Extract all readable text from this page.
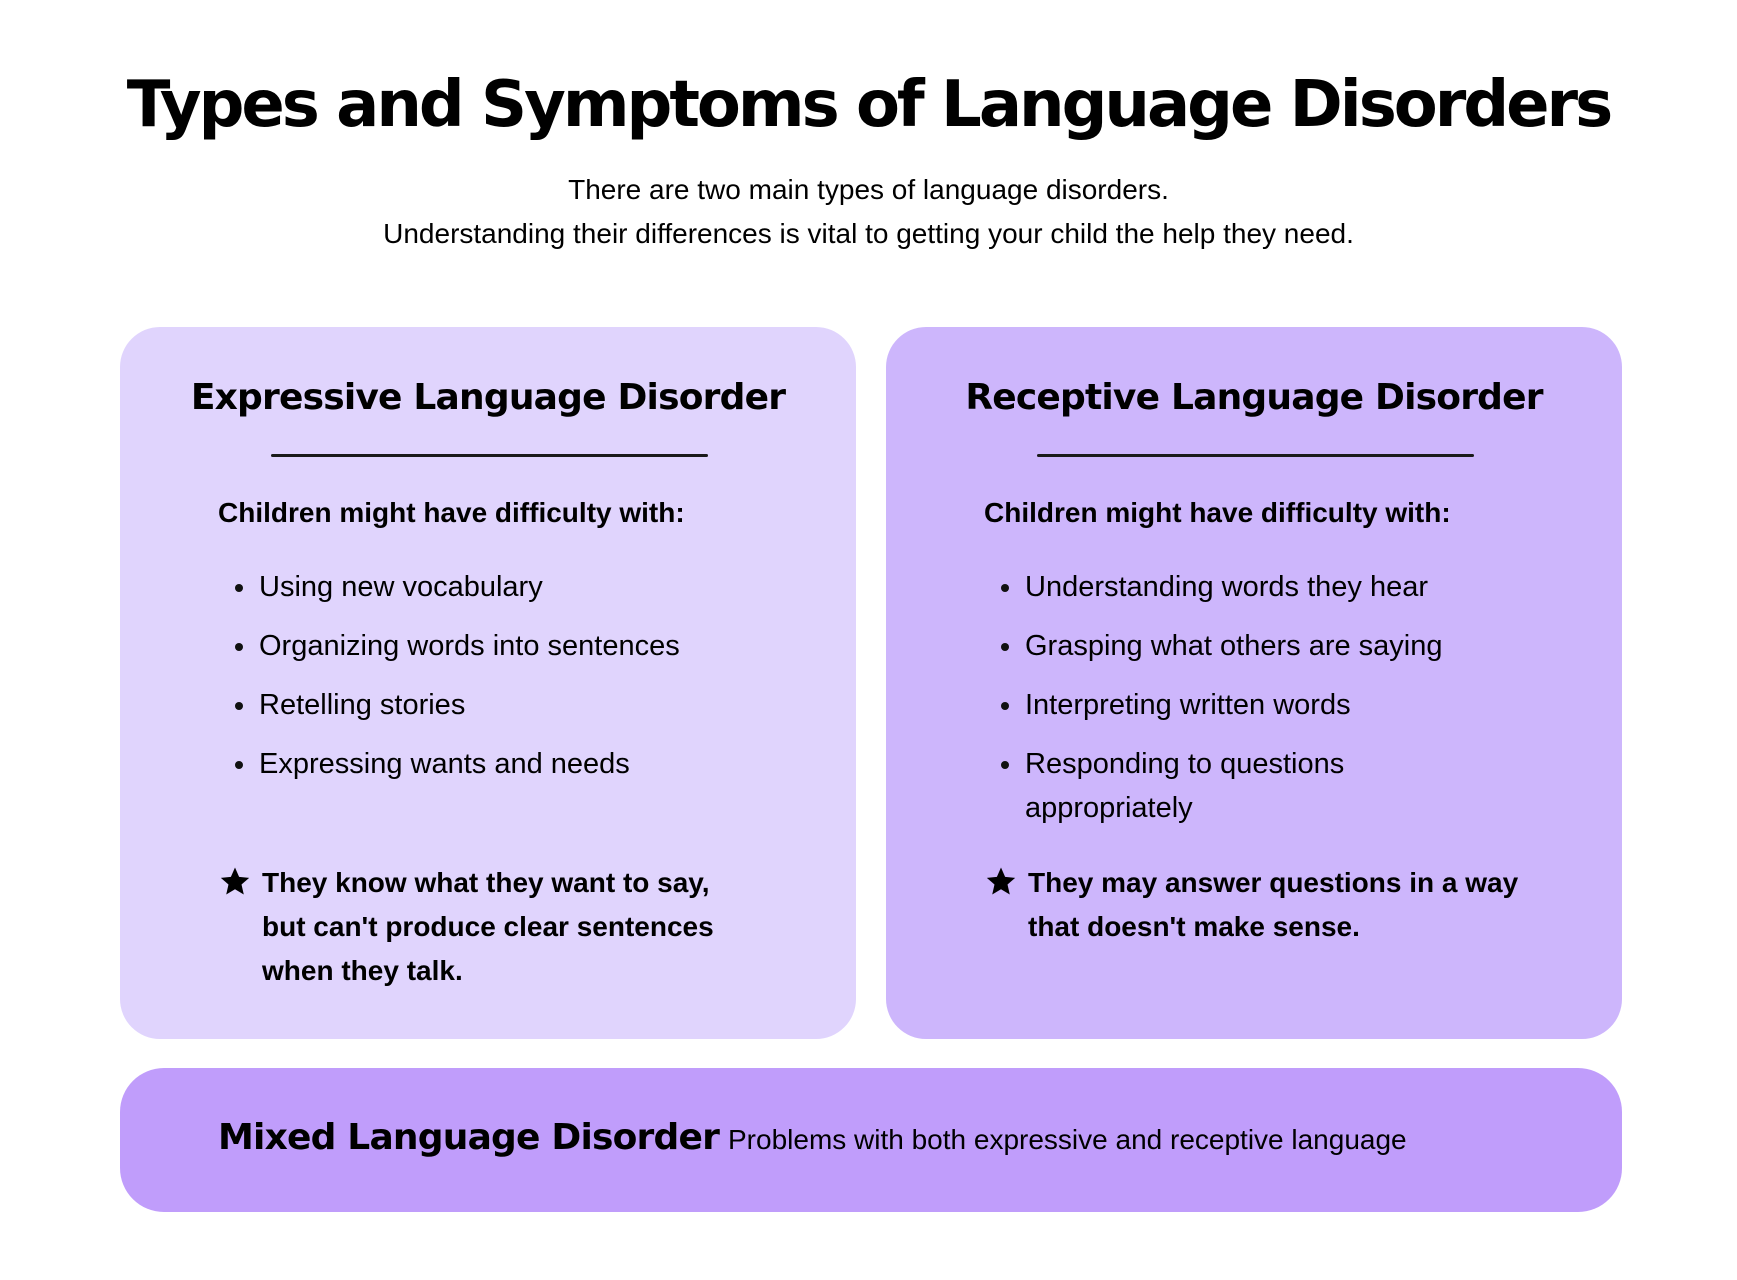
Types and Symptoms of Language Disorders
There are two main types of language disorders.
Understanding their differences is vital to getting your child the help they need.
Expressive Language Disorder
Children might have difficulty with:
Using new vocabulary
Organizing words into sentences
Retelling stories
Expressing wants and needs
They know what they want to say, but can't produce clear sentences when they talk.
Receptive Language Disorder
Children might have difficulty with:
Understanding words they hear
Grasping what others are saying
Interpreting written words
Responding to questions appropriately
They may answer questions in a way that doesn't make sense.
Mixed Language Disorder Problems with both expressive and receptive language
